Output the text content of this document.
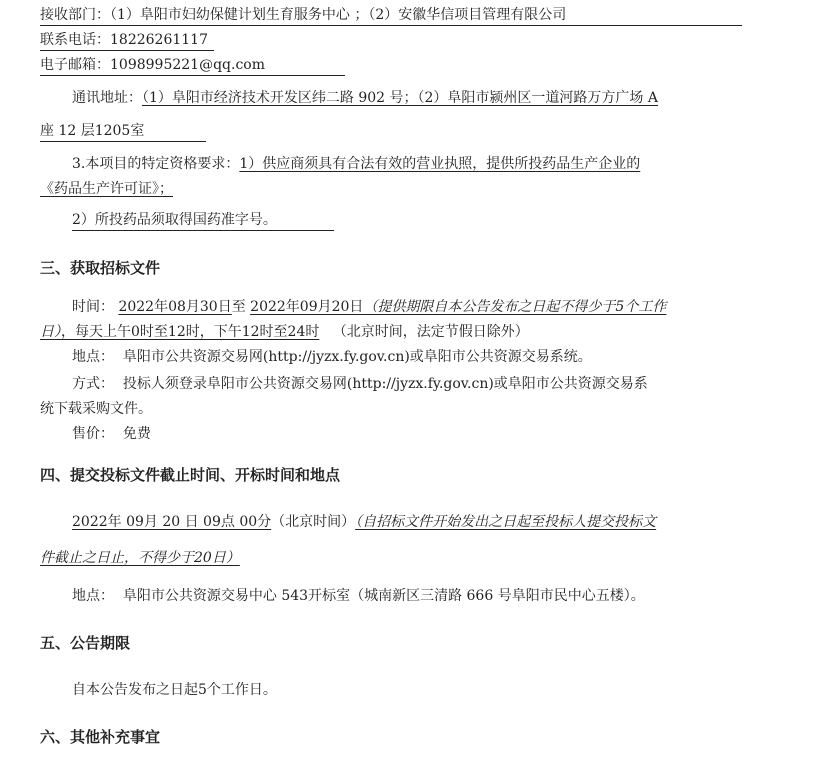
接收部门：（1）阜阳市妇幼保健计划生育服务中心 ；（2）安徽华信项目管理有限公司
联系电话：18226261117
电子邮箱：1098995221@qq.com
通讯地址：（1）阜阳市经济技术开发区纬二路 902 号；（2）阜阳市颍州区一道河路万方广场 A
座 12 层1205室
3.本项目的特定资格要求：1）供应商须具有合法有效的营业执照，提供所投药品生产企业的
《药品生产许可证》；
2）所投药品须取得国药准字号。
三、获取招标文件
时间： 2022年08月30日至 2022年09月20日（提供期限自本公告发布之日起不得少于5个工作
日），每天上午0时至12时，下午12时至24时 （北京时间，法定节假日除外）
地点： 阜阳市公共资源交易网(http://jyzx.fy.gov.cn)或阜阳市公共资源交易系统。
方式： 投标人须登录阜阳市公共资源交易网(http://jyzx.fy.gov.cn)或阜阳市公共资源交易系
统下载采购文件。
售价： 免费
四、提交投标文件截止时间、开标时间和地点
2022年 09月 20 日 09点 00分（北京时间）（自招标文件开始发出之日起至投标人提交投标文
件截止之日止，不得少于20日）
地点： 阜阳市公共资源交易中心 543开标室（城南新区三清路 666 号阜阳市民中心五楼）。
五、公告期限
自本公告发布之日起5个工作日。
六、其他补充事宜
